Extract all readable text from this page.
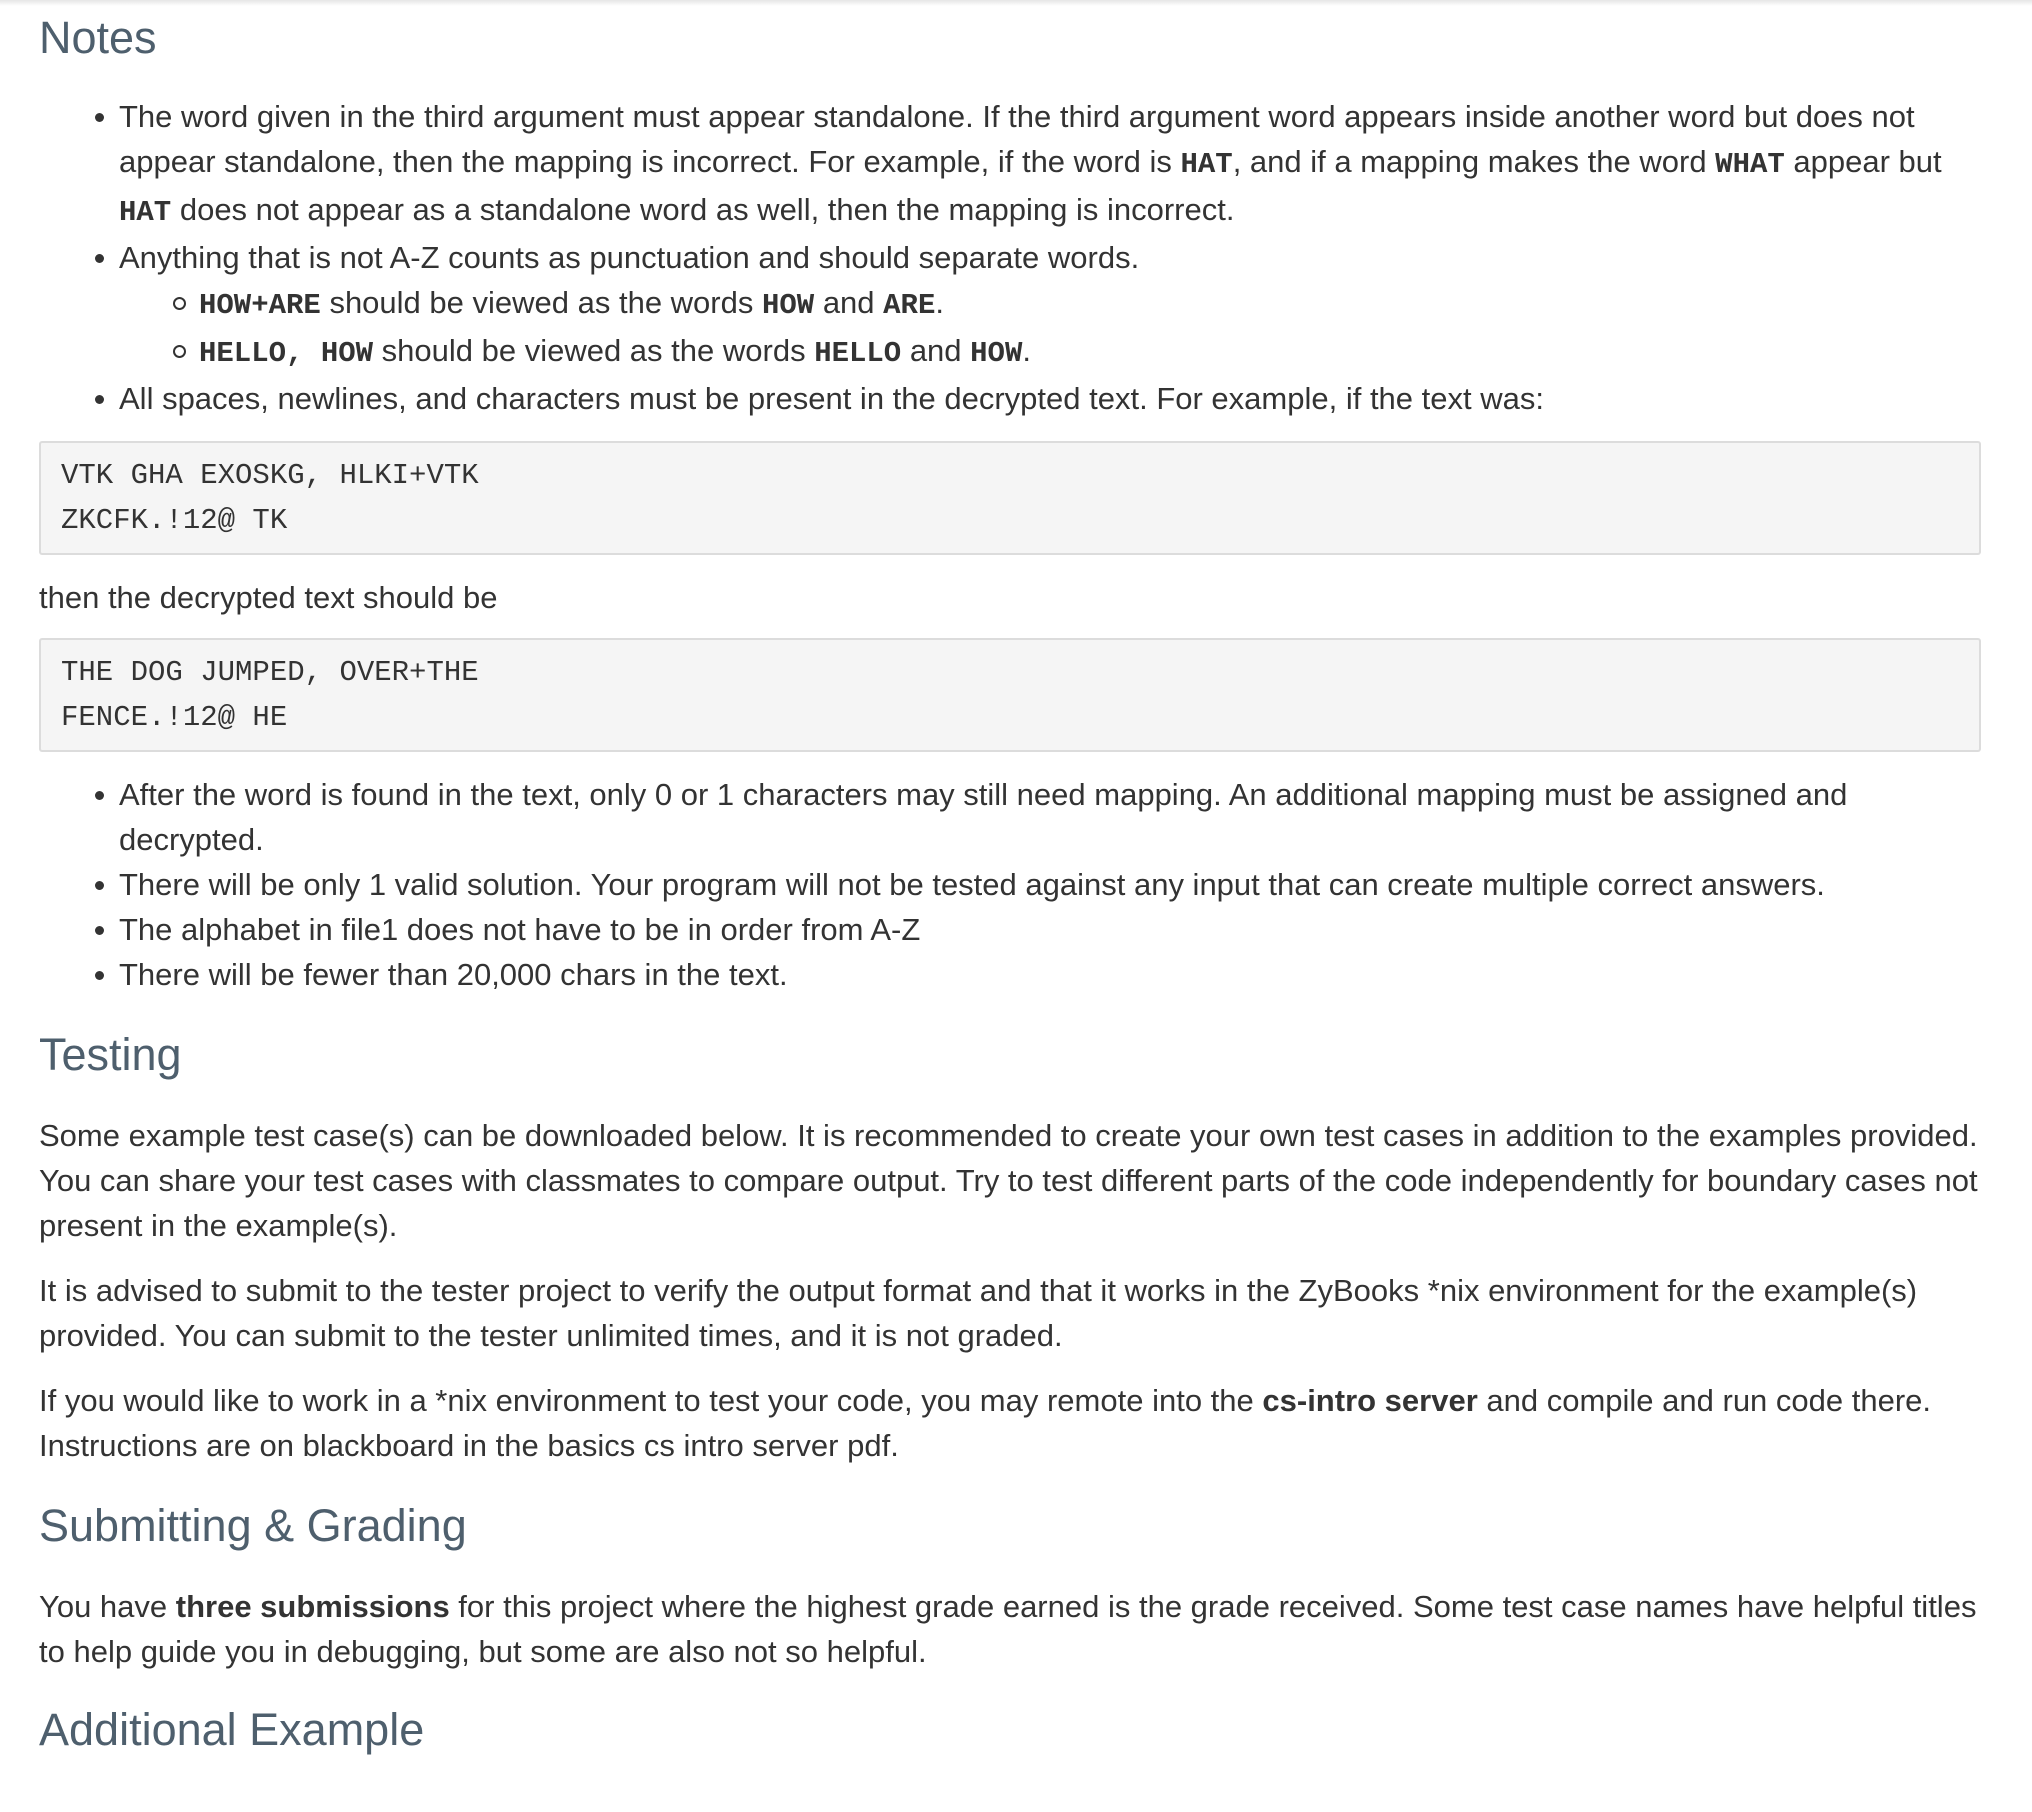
Notes
The word given in the third argument must appear standalone. If the third argument word appears inside another word but does not appear standalone, then the mapping is incorrect. For example, if the word is HAT, and if a mapping makes the word WHAT appear but HAT does not appear as a standalone word as well, then the mapping is incorrect.
Anything that is not A-Z counts as punctuation and should separate words.
HOW+ARE should be viewed as the words HOW and ARE.
HELLO, HOW should be viewed as the words HELLO and HOW.
All spaces, newlines, and characters must be present in the decrypted text. For example, if the text was:
VTK GHA EXOSKG, HLKI+VTK
ZKCFK.!12@ TK

then the decrypted text should be

THE DOG JUMPED, OVER+THE
FENCE.!12@ HE
After the word is found in the text, only 0 or 1 characters may still need mapping. An additional mapping must be assigned and decrypted.
There will be only 1 valid solution. Your program will not be tested against any input that can create multiple correct answers.
The alphabet in file1 does not have to be in order from A-Z
There will be fewer than 20,000 chars in the text.
Testing

Some example test case(s) can be downloaded below. It is recommended to create your own test cases in addition to the examples provided. You can share your test cases with classmates to compare output. Try to test different parts of the code independently for boundary cases not present in the example(s).

It is advised to submit to the tester project to verify the output format and that it works in the ZyBooks *nix environment for the example(s) provided. You can submit to the tester unlimited times, and it is not graded.

If you would like to work in a *nix environment to test your code, you may remote into the cs-intro server and compile and run code there. Instructions are on blackboard in the basics cs intro server pdf.

Submitting & Grading

You have three submissions for this project where the highest grade earned is the grade received. Some test case names have helpful titles to help guide you in debugging, but some are also not so helpful.

Additional Example
